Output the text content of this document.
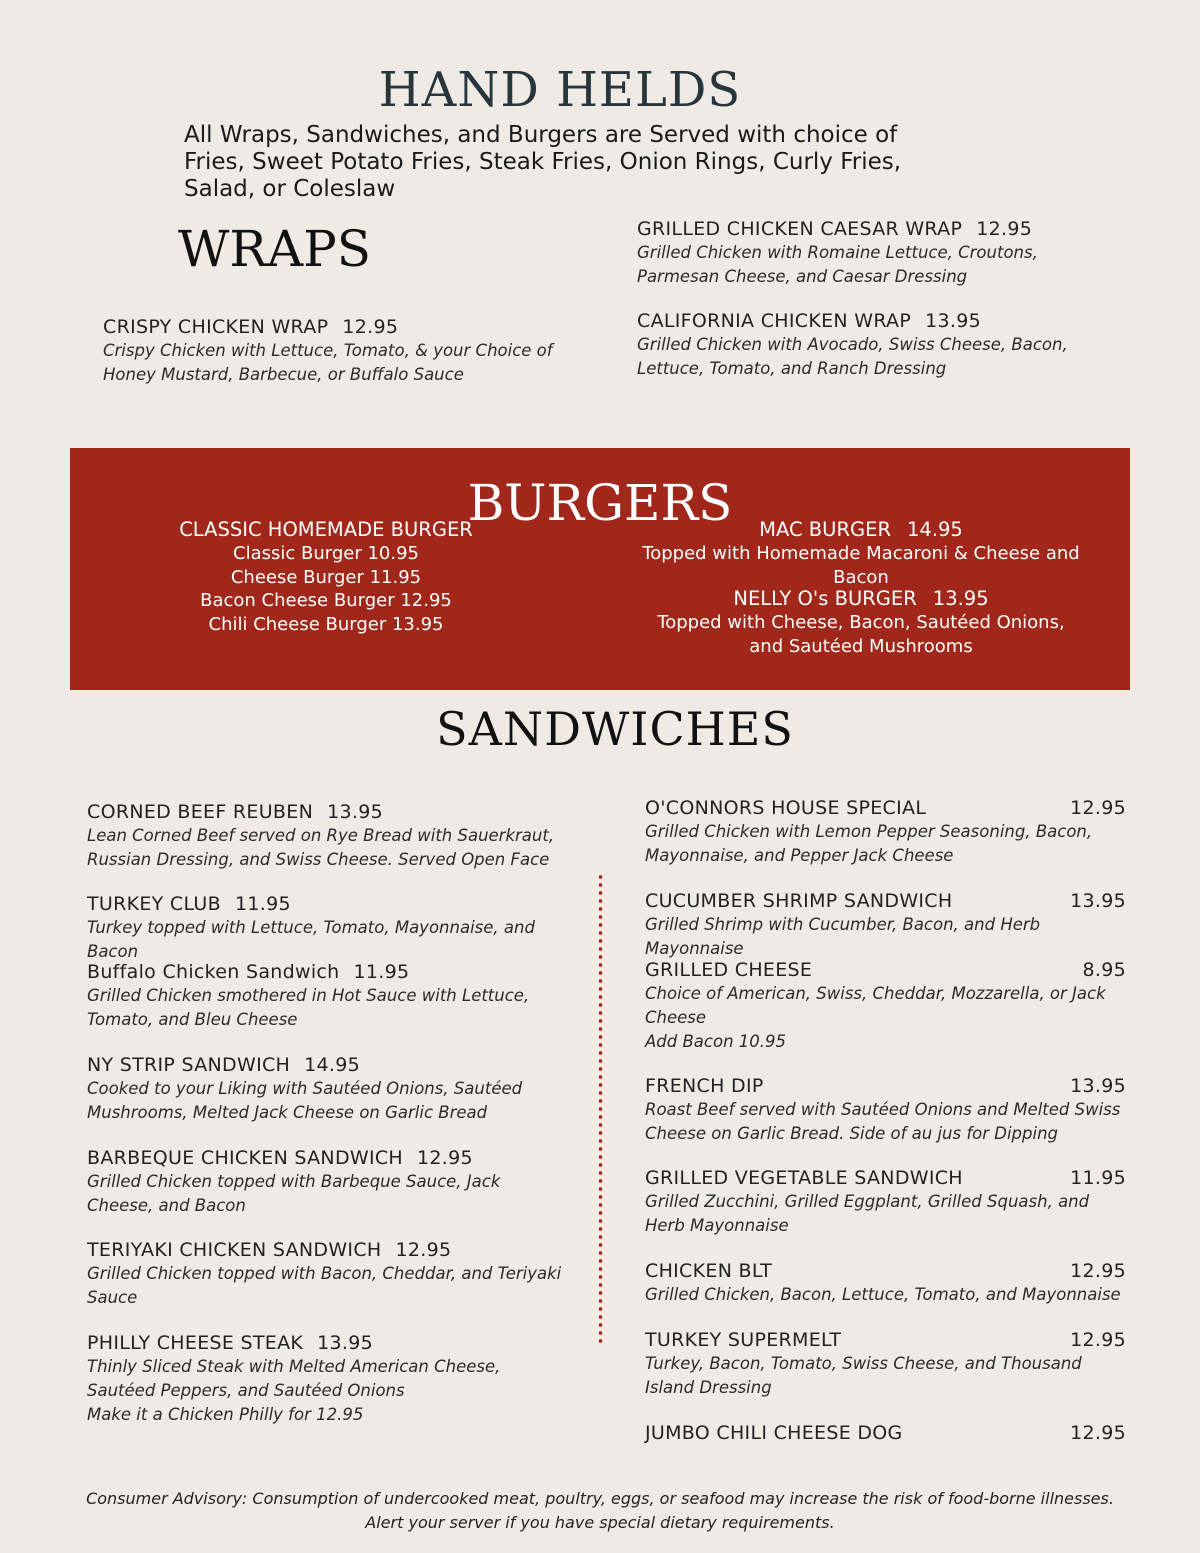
HAND HELDS
All Wraps, Sandwiches, and Burgers are Served with choice of Fries, Sweet Potato Fries, Steak Fries, Onion Rings, Curly Fries, Salad, or Coleslaw
WRAPS
CRISPY CHICKEN WRAP 12.95
Crispy Chicken with Lettuce, Tomato, & your Choice of Honey Mustard, Barbecue, or Buffalo Sauce
GRILLED CHICKEN CAESAR WRAP 12.95
Grilled Chicken with Romaine Lettuce, Croutons, Parmesan Cheese, and Caesar Dressing
CALIFORNIA CHICKEN WRAP 13.95
Grilled Chicken with Avocado, Swiss Cheese, Bacon, Lettuce, Tomato, and Ranch Dressing
BURGERS
CLASSIC HOMEMADE BURGER
Classic Burger 10.95
Cheese Burger 11.95
Bacon Cheese Burger 12.95
Chili Cheese Burger 13.95
MAC BURGER 14.95
Topped with Homemade Macaroni & Cheese and Bacon
NELLY O's BURGER 13.95
Topped with Cheese, Bacon, Sautéed Onions, and Sautéed Mushrooms
SANDWICHES
CORNED BEEF REUBEN 13.95
Lean Corned Beef served on Rye Bread with Sauerkraut, Russian Dressing, and Swiss Cheese. Served Open Face
TURKEY CLUB 11.95
Turkey topped with Lettuce, Tomato, Mayonnaise, and Bacon
Buffalo Chicken Sandwich 11.95
Grilled Chicken smothered in Hot Sauce with Lettuce, Tomato, and Bleu Cheese
NY STRIP SANDWICH 14.95
Cooked to your Liking with Sautéed Onions, Sautéed Mushrooms, Melted Jack Cheese on Garlic Bread
BARBEQUE CHICKEN SANDWICH 12.95
Grilled Chicken topped with Barbeque Sauce, Jack Cheese, and Bacon
TERIYAKI CHICKEN SANDWICH 12.95
Grilled Chicken topped with Bacon, Cheddar, and Teriyaki Sauce
PHILLY CHEESE STEAK 13.95
Thinly Sliced Steak with Melted American Cheese, Sautéed Peppers, and Sautéed Onions
Make it a Chicken Philly for 12.95
O'CONNORS HOUSE SPECIAL	12.95
Grilled Chicken with Lemon Pepper Seasoning, Bacon, Mayonnaise, and Pepper Jack Cheese
CUCUMBER SHRIMP SANDWICH	13.95
Grilled Shrimp with Cucumber, Bacon, and Herb Mayonnaise
GRILLED CHEESE	8.95
Choice of American, Swiss, Cheddar, Mozzarella, or Jack Cheese
Add Bacon 10.95
FRENCH DIP	13.95
Roast Beef served with Sautéed Onions and Melted Swiss Cheese on Garlic Bread. Side of au jus for Dipping
GRILLED VEGETABLE SANDWICH	11.95
Grilled Zucchini, Grilled Eggplant, Grilled Squash, and Herb Mayonnaise
CHICKEN BLT	12.95
Grilled Chicken, Bacon, Lettuce, Tomato, and Mayonnaise
TURKEY SUPERMELT	12.95
Turkey, Bacon, Tomato, Swiss Cheese, and Thousand Island Dressing
JUMBO CHILI CHEESE DOG	12.95
Consumer Advisory: Consumption of undercooked meat, poultry, eggs, or seafood may increase the risk of food-borne illnesses.
Alert your server if you have special dietary requirements.
